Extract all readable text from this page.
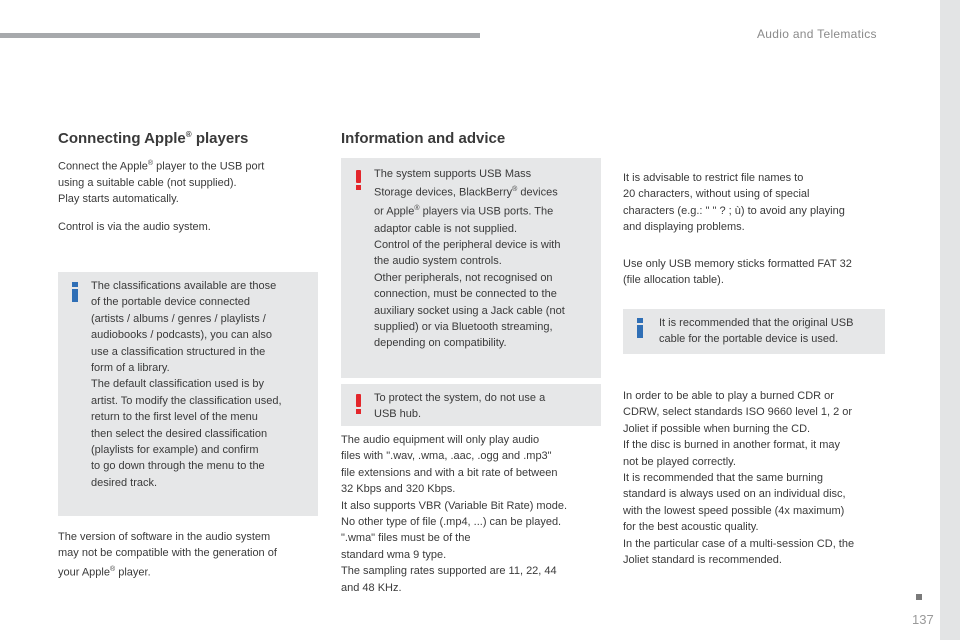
Audio and Telematics
Connecting Apple® players

Connect the Apple® player to the USB port
using a suitable cable (not supplied).
Play starts automatically.

Control is via the audio system.

The classifications available are those
of the portable device connected
(artists / albums / genres / playlists /
audiobooks / podcasts), you can also
use a classification structured in the
form of a library.
The default classification used is by
artist. To modify the classification used,
return to the first level of the menu
then select the desired classification
(playlists for example) and confirm
to go down through the menu to the
desired track.

The version of software in the audio system
may not be compatible with the generation of
your Apple® player.

Information and advice

The system supports USB Mass
Storage devices, BlackBerry® devices
or Apple® players via USB ports. The
adaptor cable is not supplied.
Control of the peripheral device is with
the audio system controls.
Other peripherals, not recognised on
connection, must be connected to the
auxiliary socket using a Jack cable (not
supplied) or via Bluetooth streaming,
depending on compatibility.

To protect the system, do not use a
USB hub.

The audio equipment will only play audio
files with ".wav, .wma, .aac, .ogg and .mp3"
file extensions and with a bit rate of between
32 Kbps and 320 Kbps.
It also supports VBR (Variable Bit Rate) mode.
No other type of file (.mp4, ...) can be played.
".wma" files must be of the
standard wma 9 type.
The sampling rates supported are 11, 22, 44
and 48 KHz.

It is advisable to restrict file names to
20 characters, without using of special
characters (e.g.: " " ? ; ù) to avoid any playing
and displaying problems.

Use only USB memory sticks formatted FAT 32
(file allocation table).

It is recommended that the original USB
cable for the portable device is used.

In order to be able to play a burned CDR or
CDRW, select standards ISO 9660 level 1, 2 or
Joliet if possible when burning the CD.
If the disc is burned in another format, it may
not be played correctly.
It is recommended that the same burning
standard is always used on an individual disc,
with the lowest speed possible (4x maximum)
for the best acoustic quality.
In the particular case of a multi-session CD, the
Joliet standard is recommended.

137
